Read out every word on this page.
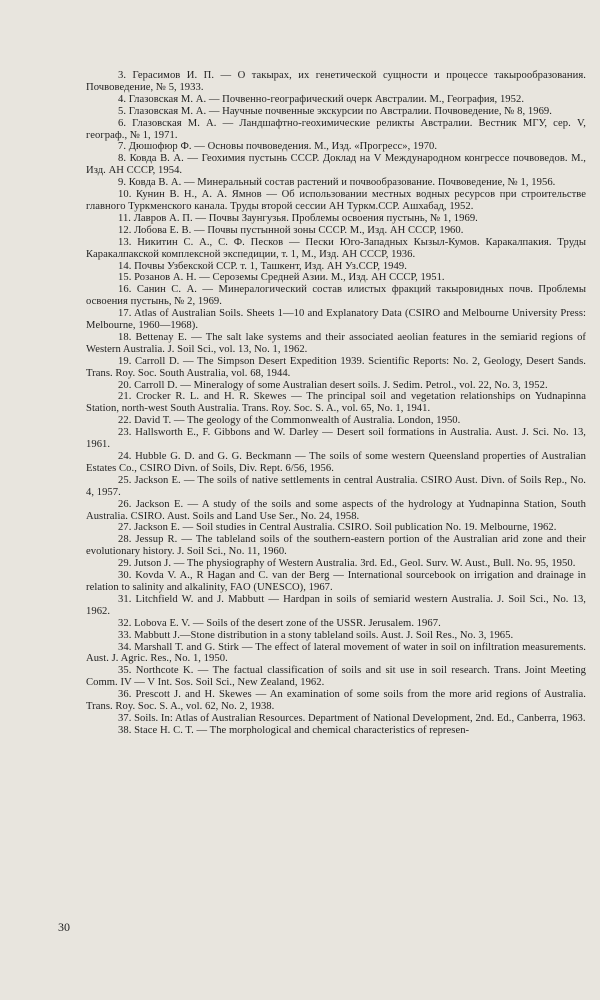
3. Герасимов И. П. — О такырах, их генетической сущности и процессе такырообразования. Почвоведение, № 5, 1933.

4. Глазовская М. А. — Почвенно-географический очерк Австралии. М., География, 1952.

5. Глазовская М. А. — Научные почвенные экскурсии по Австралии. Почвоведение, № 8, 1969.

6. Глазовская М. А. — Ландшафтно-геохимические реликты Австралии. Вестник МГУ, сер. V, географ., № 1, 1971.

7. Дюшофюр Ф. — Основы почвоведения. М., Изд. «Прогресс», 1970.

8. Ковда В. А. — Геохимия пустынь СССР. Доклад на V Международном конгрессе почвоведов. М., Изд. АН СССР, 1954.

9. Ковда В. А. — Минеральный состав растений и почвообразование. Почвоведение, № 1, 1956.

10. Кунин В. Н., А. А. Ямнов — Об использовании местных водных ресурсов при строительстве главного Туркменского канала. Труды второй сессии АН Туркм.ССР. Ашхабад, 1952.

11. Лавров А. П. — Почвы Заунгузья. Проблемы освоения пустынь, № 1, 1969.

12. Лобова Е. В. — Почвы пустынной зоны СССР. М., Изд. АН СССР, 1960.

13. Никитин С. А., С. Ф. Песков — Пески Юго-Западных Кызыл-Кумов. Каракалпакия. Труды Каракалпакской комплексной экспедиции, т. 1, М., Изд. АН СССР, 1936.

14. Почвы Узбекской ССР. т. 1, Ташкент, Изд. АН Уз.ССР, 1949.

15. Розанов А. Н. — Сероземы Средней Азии. М., Изд. АН СССР, 1951.

16. Санин С. А. — Минералогический состав илистых фракций такыровидных почв. Проблемы освоения пустынь, № 2, 1969.

17. Atlas of Australian Soils. Sheets 1—10 and Explanatory Data (CSIRO and Melbourne University Press: Melbourne, 1960—1968).

18. Bettenay E. — The salt lake systems and their associated aeolian features in the semiarid regions of Western Australia. J. Soil Sci., vol. 13, No. 1, 1962.

19. Carroll D. — The Simpson Desert Expedition 1939. Scientific Reports: No. 2, Geology, Desert Sands. Trans. Roy. Soc. South Australia, vol. 68, 1944.

20. Carroll D. — Mineralogy of some Australian desert soils. J. Sedim. Petrol., vol. 22, No. 3, 1952.

21. Crocker R. L. and H. R. Skewes — The principal soil and vegetation relationships on Yudnapinna Station, north-west South Australia. Trans. Roy. Soc. S. A., vol. 65, No. 1, 1941.

22. David T. — The geology of the Commonwealth of Australia. London, 1950.

23. Hallsworth E., F. Gibbons and W. Darley — Desert soil formations in Australia. Aust. J. Sci. No. 13, 1961.

24. Hubble G. D. and G. G. Beckmann — The soils of some western Queensland properties of Australian Estates Co., CSIRO Divn. of Soils, Div. Rept. 6/56, 1956.

25. Jackson E. — The soils of native settlements in central Australia. CSIRO Aust. Divn. of Soils Rep., No. 4, 1957.

26. Jackson E. — A study of the soils and some aspects of the hydrology at Yudnapinna Station, South Australia. CSIRO. Aust. Soils and Land Use Ser., No. 24, 1958.

27. Jackson E. — Soil studies in Central Australia. CSIRO. Soil publication No. 19. Melbourne, 1962.

28. Jessup R. — The tableland soils of the southern-eastern portion of the Australian arid zone and their evolutionary history. J. Soil Sci., No. 11, 1960.

29. Jutson J. — The physiography of Western Australia. 3rd. Ed., Geol. Surv. W. Aust., Bull. No. 95, 1950.

30. Kovda V. A., R Hagan and C. van der Berg — International sourcebook on irrigation and drainage in relation to salinity and alkalinity, FAO (UNESCO), 1967.

31. Litchfield W. and J. Mabbutt — Hardpan in soils of semiarid western Australia. J. Soil Sci., No. 13, 1962.

32. Lobova E. V. — Soils of the desert zone of the USSR. Jerusalem. 1967.

33. Mabbutt J.—Stone distribution in a stony tableland soils. Aust. J. Soil Res., No. 3, 1965.

34. Marshall T. and G. Stirk — The effect of lateral movement of water in soil on infiltration measurements. Aust. J. Agric. Res., No. 1, 1950.

35. Northcote K. — The factual classification of soils and sit use in soil research. Trans. Joint Meeting Comm. IV — V Int. Sos. Soil Sci., New Zealand, 1962.

36. Prescott J. and H. Skewes — An examination of some soils from the more arid regions of Australia. Trans. Roy. Soc. S. A., vol. 62, No. 2, 1938.

37. Soils. In: Atlas of Australian Resources. Department of National Development, 2nd. Ed., Canberra, 1963.

38. Stace H. C. T. — The morphological and chemical characteristics of represen-

30
